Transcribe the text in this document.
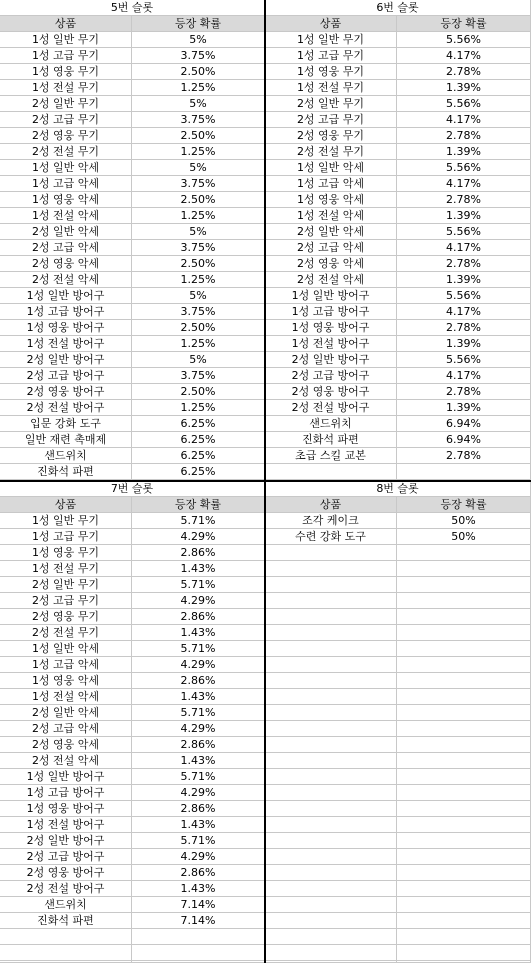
5번 슬롯
상품	등장 확률
1성 일반 무기	5%
1성 고급 무기	3.75%
1성 영웅 무기	2.50%
1성 전설 무기	1.25%
2성 일반 무기	5%
2성 고급 무기	3.75%
2성 영웅 무기	2.50%
2성 전설 무기	1.25%
1성 일반 악세	5%
1성 고급 악세	3.75%
1성 영웅 악세	2.50%
1성 전설 악세	1.25%
2성 일반 악세	5%
2성 고급 악세	3.75%
2성 영웅 악세	2.50%
2성 전설 악세	1.25%
1성 일반 방어구	5%
1성 고급 방어구	3.75%
1성 영웅 방어구	2.50%
1성 전설 방어구	1.25%
2성 일반 방어구	5%
2성 고급 방어구	3.75%
2성 영웅 방어구	2.50%
2성 전설 방어구	1.25%
입문 강화 도구	6.25%
일반 재련 촉매제	6.25%
샌드위치	6.25%
진화석 파편	6.25%
6번 슬롯
상품	등장 확률
1성 일반 무기	5.56%
1성 고급 무기	4.17%
1성 영웅 무기	2.78%
1성 전설 무기	1.39%
2성 일반 무기	5.56%
2성 고급 무기	4.17%
2성 영웅 무기	2.78%
2성 전설 무기	1.39%
1성 일반 악세	5.56%
1성 고급 악세	4.17%
1성 영웅 악세	2.78%
1성 전설 악세	1.39%
2성 일반 악세	5.56%
2성 고급 악세	4.17%
2성 영웅 악세	2.78%
2성 전설 악세	1.39%
1성 일반 방어구	5.56%
1성 고급 방어구	4.17%
1성 영웅 방어구	2.78%
1성 전설 방어구	1.39%
2성 일반 방어구	5.56%
2성 고급 방어구	4.17%
2성 영웅 방어구	2.78%
2성 전설 방어구	1.39%
샌드위치	6.94%
진화석 파편	6.94%
초급 스킬 교본	2.78%
7번 슬롯
상품	등장 확률
1성 일반 무기	5.71%
1성 고급 무기	4.29%
1성 영웅 무기	2.86%
1성 전설 무기	1.43%
2성 일반 무기	5.71%
2성 고급 무기	4.29%
2성 영웅 무기	2.86%
2성 전설 무기	1.43%
1성 일반 악세	5.71%
1성 고급 악세	4.29%
1성 영웅 악세	2.86%
1성 전설 악세	1.43%
2성 일반 악세	5.71%
2성 고급 악세	4.29%
2성 영웅 악세	2.86%
2성 전설 악세	1.43%
1성 일반 방어구	5.71%
1성 고급 방어구	4.29%
1성 영웅 방어구	2.86%
1성 전설 방어구	1.43%
2성 일반 방어구	5.71%
2성 고급 방어구	4.29%
2성 영웅 방어구	2.86%
2성 전설 방어구	1.43%
샌드위치	7.14%
진화석 파편	7.14%
8번 슬롯
상품	등장 확률
조각 케이크	50%
수련 강화 도구	50%
